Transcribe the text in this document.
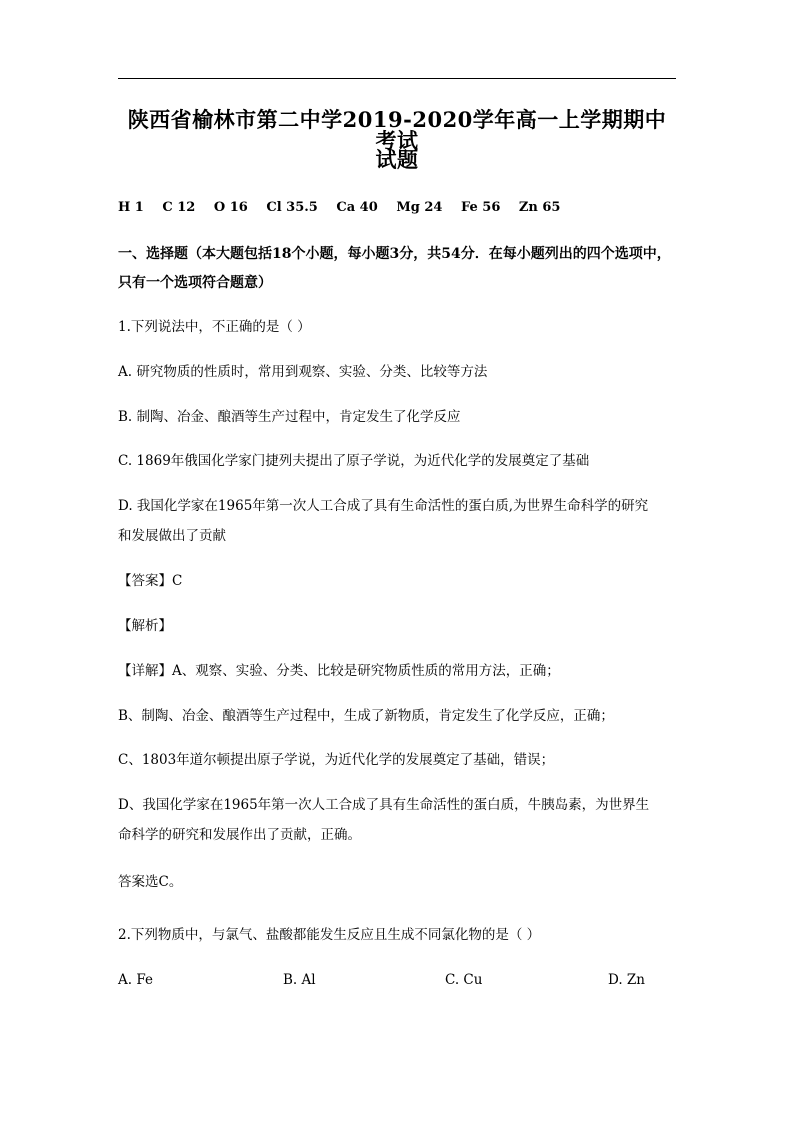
陕西省榆林市第二中学2019-2020学年高一上学期期中考试
试题
H 1 C 12 O 16 Cl 35.5 Ca 40 Mg 24 Fe 56 Zn 65
一、选择题（本大题包括18个小题，每小题3分，共54分．在每小题列出的四个选项中，
只有一个选项符合题意）
1.下列说法中，不正确的是（ ）
A. 研究物质的性质时，常用到观察、实验、分类、比较等方法
B. 制陶、冶金、酿酒等生产过程中，肯定发生了化学反应
C. 1869年俄国化学家门捷列夫提出了原子学说，为近代化学的发展奠定了基础
D. 我国化学家在1965年第一次人工合成了具有生命活性的蛋白质,为世界生命科学的研究
和发展做出了贡献
【答案】C
【解析】
【详解】A、观察、实验、分类、比较是研究物质性质的常用方法，正确；
B、制陶、冶金、酿酒等生产过程中，生成了新物质，肯定发生了化学反应，正确；
C、1803年道尔顿提出原子学说，为近代化学的发展奠定了基础，错误；
D、我国化学家在1965年第一次人工合成了具有生命活性的蛋白质，牛胰岛素，为世界生
命科学的研究和发展作出了贡献，正确。
答案选C。
2.下列物质中，与氯气、盐酸都能发生反应且生成不同氯化物的是（ ）
A. Fe	B. Al	C. Cu	D. Zn
